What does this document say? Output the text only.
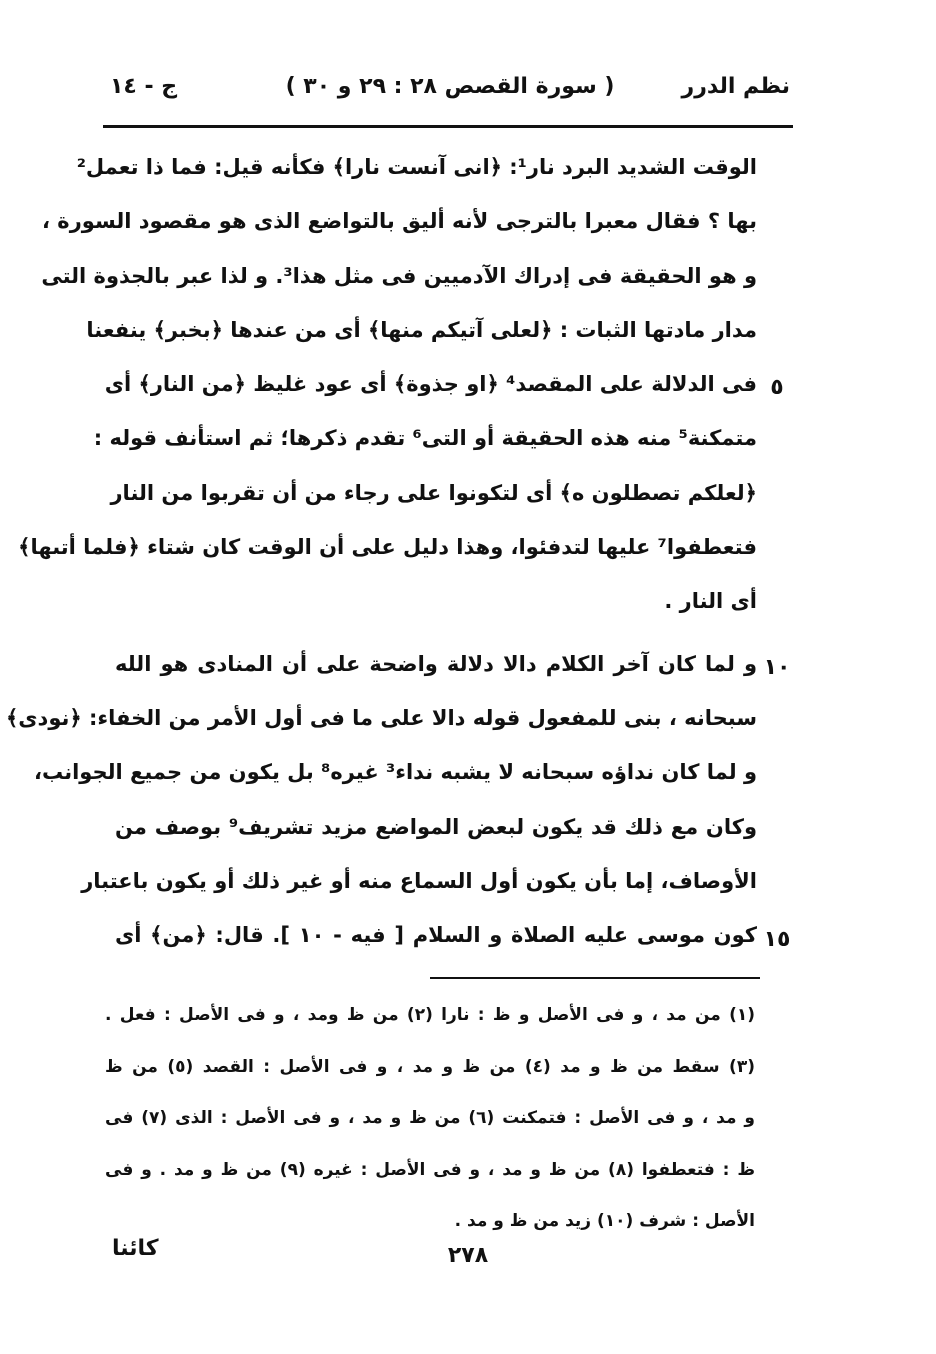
نظم الدرر
( سورة القصص ٢٨ : ٢٩ و ٣٠ )
ج - ١٤
٥
١٠
١٥
الوقت الشديد البرد نار¹: ﴿انى آنست نارا﴾ فكأنه قيل: فما ذا تعمل²
بها ؟ فقال معبرا بالترجى لأنه أليق بالتواضع الذى هو مقصود السورة ،
و هو الحقيقة فى إدراك الآدميين فى مثل هذا³. و لذا عبر بالجذوة التى
مدار مادتها الثبات : ﴿لعلى آتيكم منها﴾ أى من عندها ﴿بخبر﴾ ينفعنا
فى الدلالة على المقصد⁴ ﴿او جذوة﴾ أى عود غليظ ﴿من النار﴾ أى
متمكنة⁵ منه هذه الحقيقة أو التى⁶ تقدم ذكرها؛ ثم استأنف قوله :
﴿لعلكم تصطلون ه﴾ أى لتكونوا على رجاء من أن تقربوا من النار
فتعطفوا⁷ عليها لتدفئوا، وهذا دليل على أن الوقت كان شتاء ﴿فلما أتىها﴾
أى النار .
و لما كان آخر الكلام دالا دلالة واضحة على أن المنادى هو الله
سبحانه ، بنى للمفعول قوله دالا على ما فى أول الأمر من الخفاء: ﴿نودى﴾
و لما كان نداؤه سبحانه لا يشبه نداء³ غيره⁸ بل يكون من جميع الجوانب،
وكان مع ذلك قد يكون لبعض المواضع مزيد تشريف⁹ بوصف من
الأوصاف، إما بأن يكون أول السماع منه أو غير ذلك أو يكون باعتبار
كون موسى عليه الصلاة و السلام [ فيه - ١٠ ]. قال: ﴿من﴾ أى
(١) من مد ، و فى الأصل و ظ : نارا (٢) من ظ ومد ، و فى الأصل : فعل .
(٣) سقط من ظ و مد (٤) من ظ و مد ، و فى الأصل : القصد (٥) من ظ
و مد ، و فى الأصل : فتمكنت (٦) من ظ و مد ، و فى الأصل : الذى (٧) فى
ظ : فتعطفوا (٨) من ظ و مد ، و فى الأصل : غيره (٩) من ظ و مد . و فى
الأصل : شرف (١٠) زيد من ظ و مد .
٢٧٨
كائنا
